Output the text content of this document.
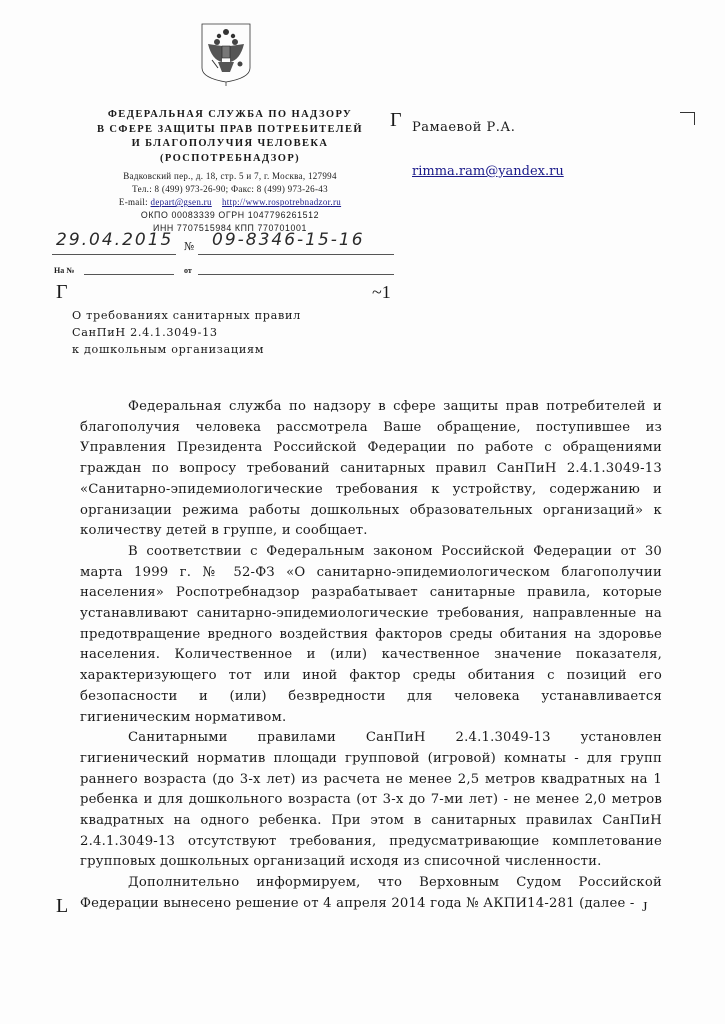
ФЕДЕРАЛЬНАЯ СЛУЖБА ПО НАДЗОРУ
В СФЕРЕ ЗАЩИТЫ ПРАВ ПОТРЕБИТЕЛЕЙ
И БЛАГОПОЛУЧИЯ ЧЕЛОВЕКА
(РОСПОТРЕБНАДЗОР)
Вадковский пер., д. 18, стр. 5 и 7, г. Москва, 127994
Тел.: 8 (499) 973-26-90; Факс: 8 (499) 973-26-43
E-mail: depart@gsen.ru http://www.rospotrebnadzor.ru
ОКПО 00083339 ОГРН 1047796261512
ИНН 7707515984 КПП 770701001
29.04.2015 № 09-8346-15-16
На №	от
Г	~1
Г
L	J
Рамаевой Р.А.
rimma.ram@yandex.ru
О требованиях санитарных правил
СанПиН 2.4.1.3049-13
к дошкольным организациям

Федеральная служба по надзору в сфере защиты прав потребителей и благополучия человека рассмотрела Ваше обращение, поступившее из Управления Президента Российской Федерации по работе с обращениями граждан по вопросу требований санитарных правил СанПиН 2.4.1.3049-13 «Санитарно-эпидемиологические требования к устройству, содержанию и организации режима работы дошкольных образовательных организаций» к количеству детей в группе, и сообщает.

В соответствии с Федеральным законом Российской Федерации от 30 марта 1999 г. № 52-ФЗ «О санитарно-эпидемиологическом благополучии населения» Роспотребнадзор разрабатывает санитарные правила, которые устанавливают санитарно-эпидемиологические требования, направленные на предотвращение вредного воздействия факторов среды обитания на здоровье населения. Количественное и (или) качественное значение показателя, характеризующего тот или иной фактор среды обитания с позиций его безопасности и (или) безвредности для человека устанавливается гигиеническим нормативом.

Санитарными правилами СанПиН 2.4.1.3049-13 установлен гигиенический норматив площади групповой (игровой) комнаты - для групп раннего возраста (до 3-х лет) из расчета не менее 2,5 метров квадратных на 1 ребенка и для дошкольного возраста (от 3-х до 7-ми лет) - не менее 2,0 метров квадратных на одного ребенка. При этом в санитарных правилах СанПиН 2.4.1.3049-13 отсутствуют требования, предусматривающие комплетование групповых дошкольных организаций исходя из списочной численности.

Дополнительно информируем, что Верховным Судом Российской Федерации вынесено решение от 4 апреля 2014 года № АКПИ14-281 (далее -
